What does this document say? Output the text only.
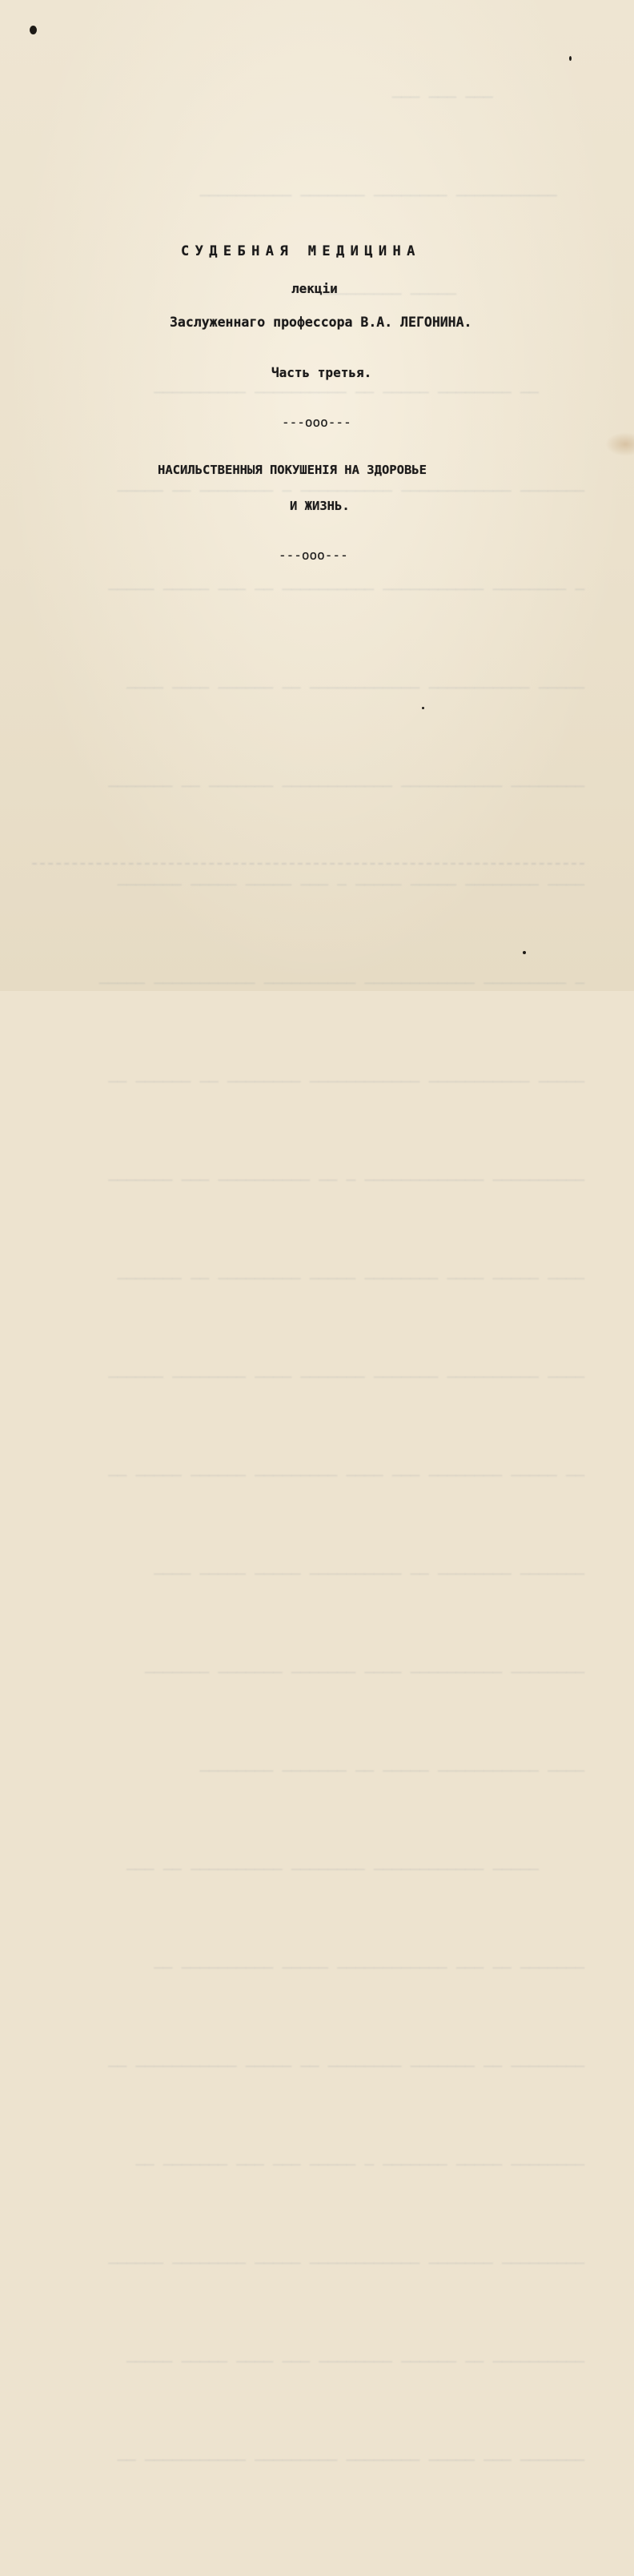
─── ─── ───

─────────── ──────── ─────── ──────────

───── ─────────

── ──────── ───── ── ────────── ──────────

─────── ──────────── ────────── ─ ──────── ── ─────

─ ──────── ─────────── ────────── ── ─── ───── ─────

───── ─────────── ──────────── ── ────── ──── ────

──────── ─────────── ──────────── ─────── ── ───────

──── ──────── ───── ───── ─ ─── ───── ───── ───────

─ ───────── ──────────── ────────── ─────────── ─────

───── ─────────── ──────────── ──────── ── ────── ──

────────── ───────────── ─ ── ────────── ─── ───────

──── ───── ──── ──────── ───── ───────── ── ───────

──── ────────── ─────── ─────── ──── ──────── ──────

── ───── ──────── ─── ──── ───────── ────── ───── ──

─────── ──────── ── ────────── ───── ───── ────

──────── ────────── ──── ─────── ─────── ───────

──── ─────────── ───── ── ─────── ────────

───── ──────────── ──────── ────────── ── ───

─────── ── ─── ──────────── ───── ────────── ──

──────── ── ─────── ──────── ── ───── ─────────── ──

──────── ───── ─────── ─ ───── ─── ─── ─────── ──

───────── ─────── ──────────── ───── ──────── ──────

────────── ── ────── ──────── ─── ──── ───── ─────

─────── ─── ───── ──────── ───────── ─────────── ──

СУДЕБНАЯ МЕДИЦИНА
лекціи
Заслуженнаго профессора В.А. ЛЕГОНИНА.
Часть третья.
---ооо---
НАСИЛЬСТВЕННЫЯ ПОКУШЕНІЯ НА ЗДОРОВЬЕ
И ЖИЗНЬ.
---ооо---
